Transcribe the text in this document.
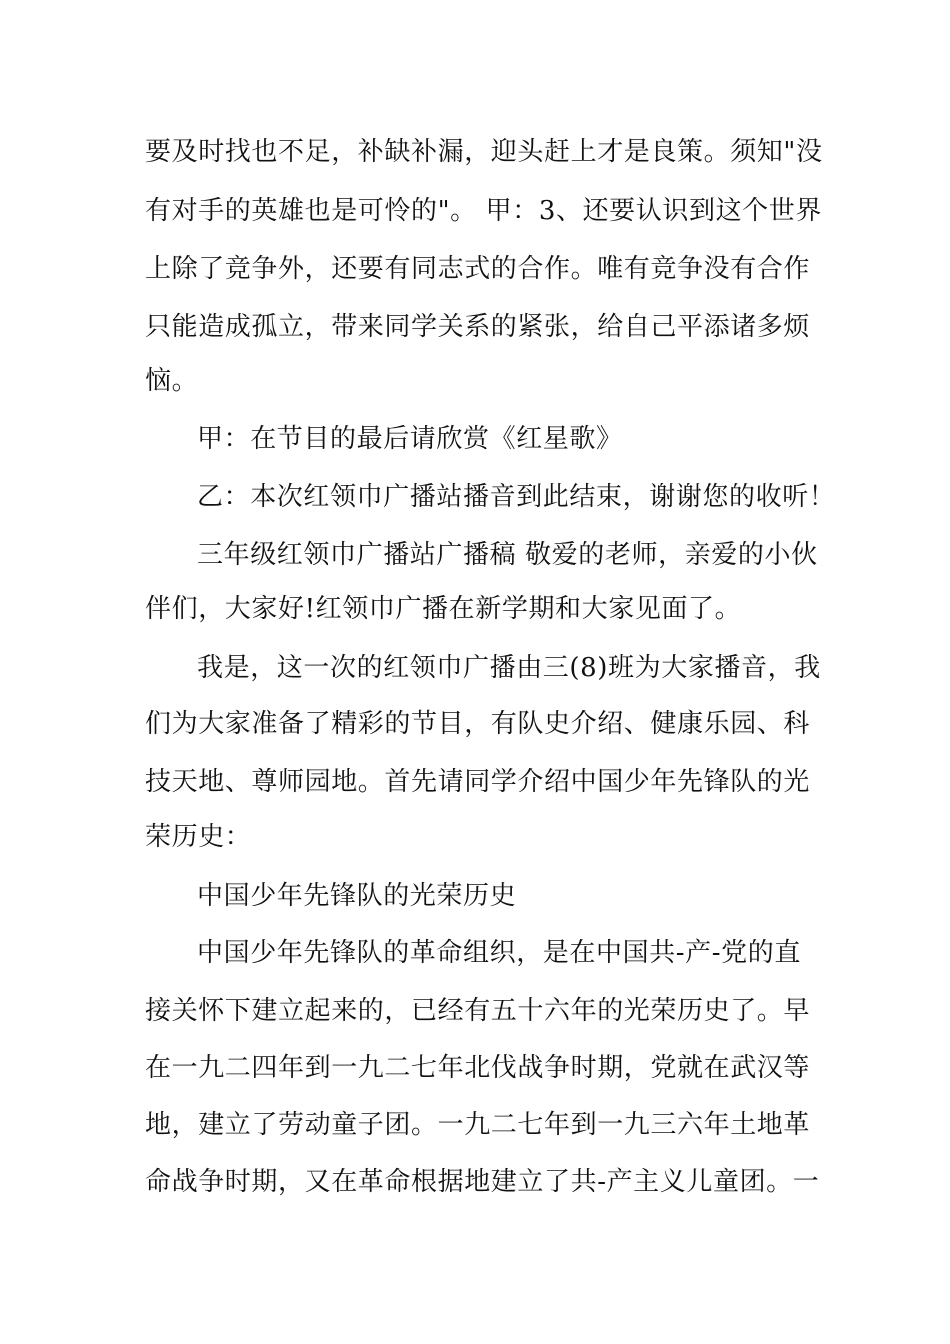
要及时找也不足，补缺补漏，迎头赶上才是良策。须知"没
有对手的英雄也是可怜的"。 甲：3、还要认识到这个世界
上除了竞争外，还要有同志式的合作。唯有竞争没有合作
只能造成孤立，带来同学关系的紧张，给自己平添诸多烦
恼。
甲：在节目的最后请欣赏《红星歌》
乙：本次红领巾广播站播音到此结束，谢谢您的收听！
三年级红领巾广播站广播稿 敬爱的老师，亲爱的小伙
伴们，大家好!红领巾广播在新学期和大家见面了。
我是，这一次的红领巾广播由三(8)班为大家播音，我
们为大家准备了精彩的节目，有队史介绍、健康乐园、科
技天地、尊师园地。首先请同学介绍中国少年先锋队的光
荣历史：
中国少年先锋队的光荣历史
中国少年先锋队的革命组织，是在中国共-产-党的直
接关怀下建立起来的，已经有五十六年的光荣历史了。早
在一九二四年到一九二七年北伐战争时期，党就在武汉等
地，建立了劳动童子团。一九二七年到一九三六年土地革
命战争时期，又在革命根据地建立了共-产主义儿童团。一
